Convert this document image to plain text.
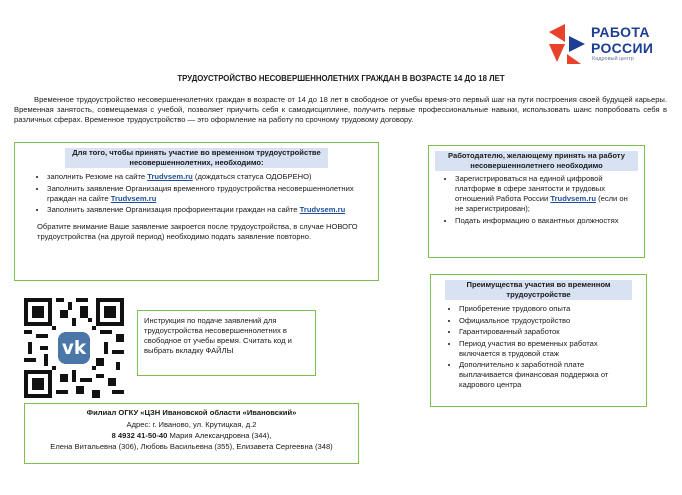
РАБОТА
РОССИИ
Кадровый центр
ТРУДОУСТРОЙСТВО НЕСОВЕРШЕННОЛЕТНИХ ГРАЖДАН В ВОЗРАСТЕ 14 ДО 18 ЛЕТ
Временное трудоустройство несовершеннолетних граждан в возрасте от 14 до 18 лет в свободное от учебы время-это первый шаг на пути построения своей будущей карьеры. Временная занятость, совмещаемая с учебой, позволяет приучить себя к самодисциплине, получить первые профессиональные навыки, использовать шанс попробовать себя в различных сферах. Временное трудоустройство — это оформление на работу по срочному трудовому договору.
Для того, чтобы принять участие во временном трудоустройстве несовершеннолетних, необходимо:
• заполнить Резюме на сайте Trudvsem.ru (дождаться статуса ОДОБРЕНО)
• Заполнить заявление Организация временного трудоустройства несовершеннолетних граждан на сайте Trudvsem.ru
• Заполнить заявление Организация профориентации граждан на сайте Trudvsem.ru
Обратите внимание Ваше заявление закроется после трудоустройства, в случае НОВОГО трудоустройства (на другой период) необходимо подать заявление повторно.
Работодателю, желающему принять на работу несовершеннолетнего необходимо
• Зарегистрироваться на единой цифровой платформе в сфере занятости и трудовых отношений Работа России Trudvsem.ru (если он не зарегистрирован);
• Подать информацию о вакантных должностях
vk
Инструкция по подаче заявлений для трудоустройства несовершеннолетних в свободное от учебы время. Считать код и выбрать вкладку ФАЙЛЫ
Преимущества участия во временном трудоустройстве
• Приобретение трудового опыта
• Официальное трудоустройство
• Гарантированный заработок
• Период участия во временных работах включается в трудовой стаж
• Дополнительно к заработной плате выплачивается финансовая поддержка от кадрового центра
Филиал ОГКУ «ЦЗН Ивановской области «Ивановский»
Адрес: г. Иваново, ул. Крутицкая, д.2
8 4932 41-50-40 Мария Александровна (344),
Елена Витальевна (306), Любовь Васильевна (355), Елизавета Сергеевна (348)
